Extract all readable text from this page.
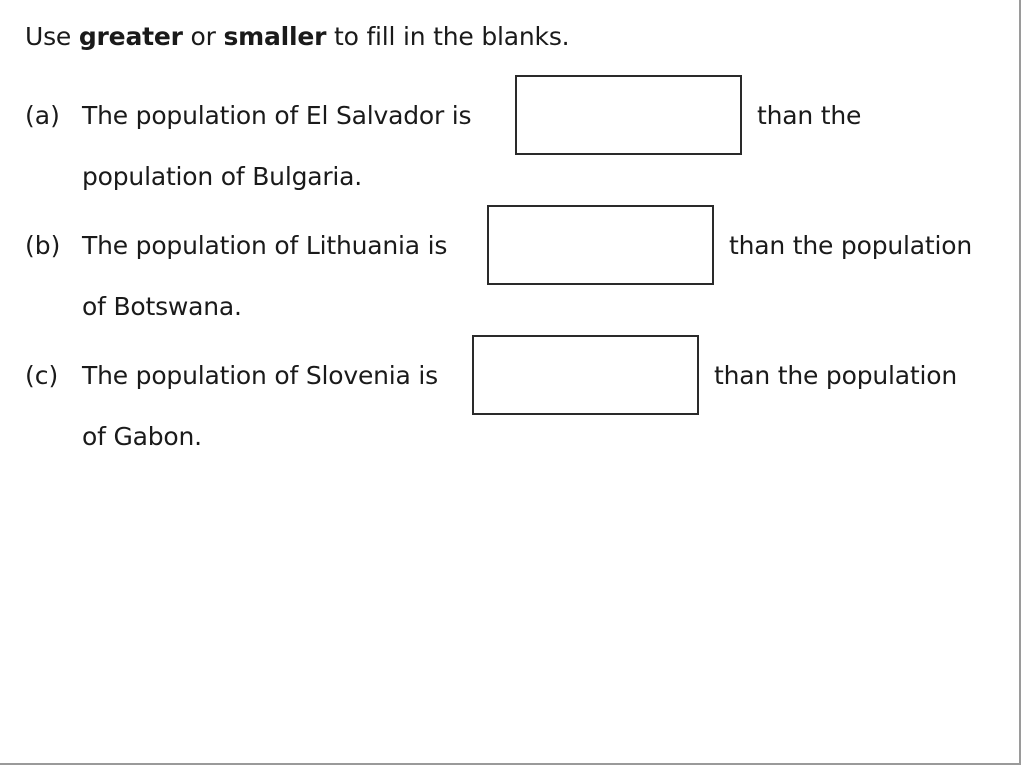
Use greater or smaller to fill in the blanks.
(a) The population of El Salvador is	than the
population of Bulgaria.
(b) The population of Lithuania is	than the population
of Botswana.
(c) The population of Slovenia is	than the population
of Gabon.
